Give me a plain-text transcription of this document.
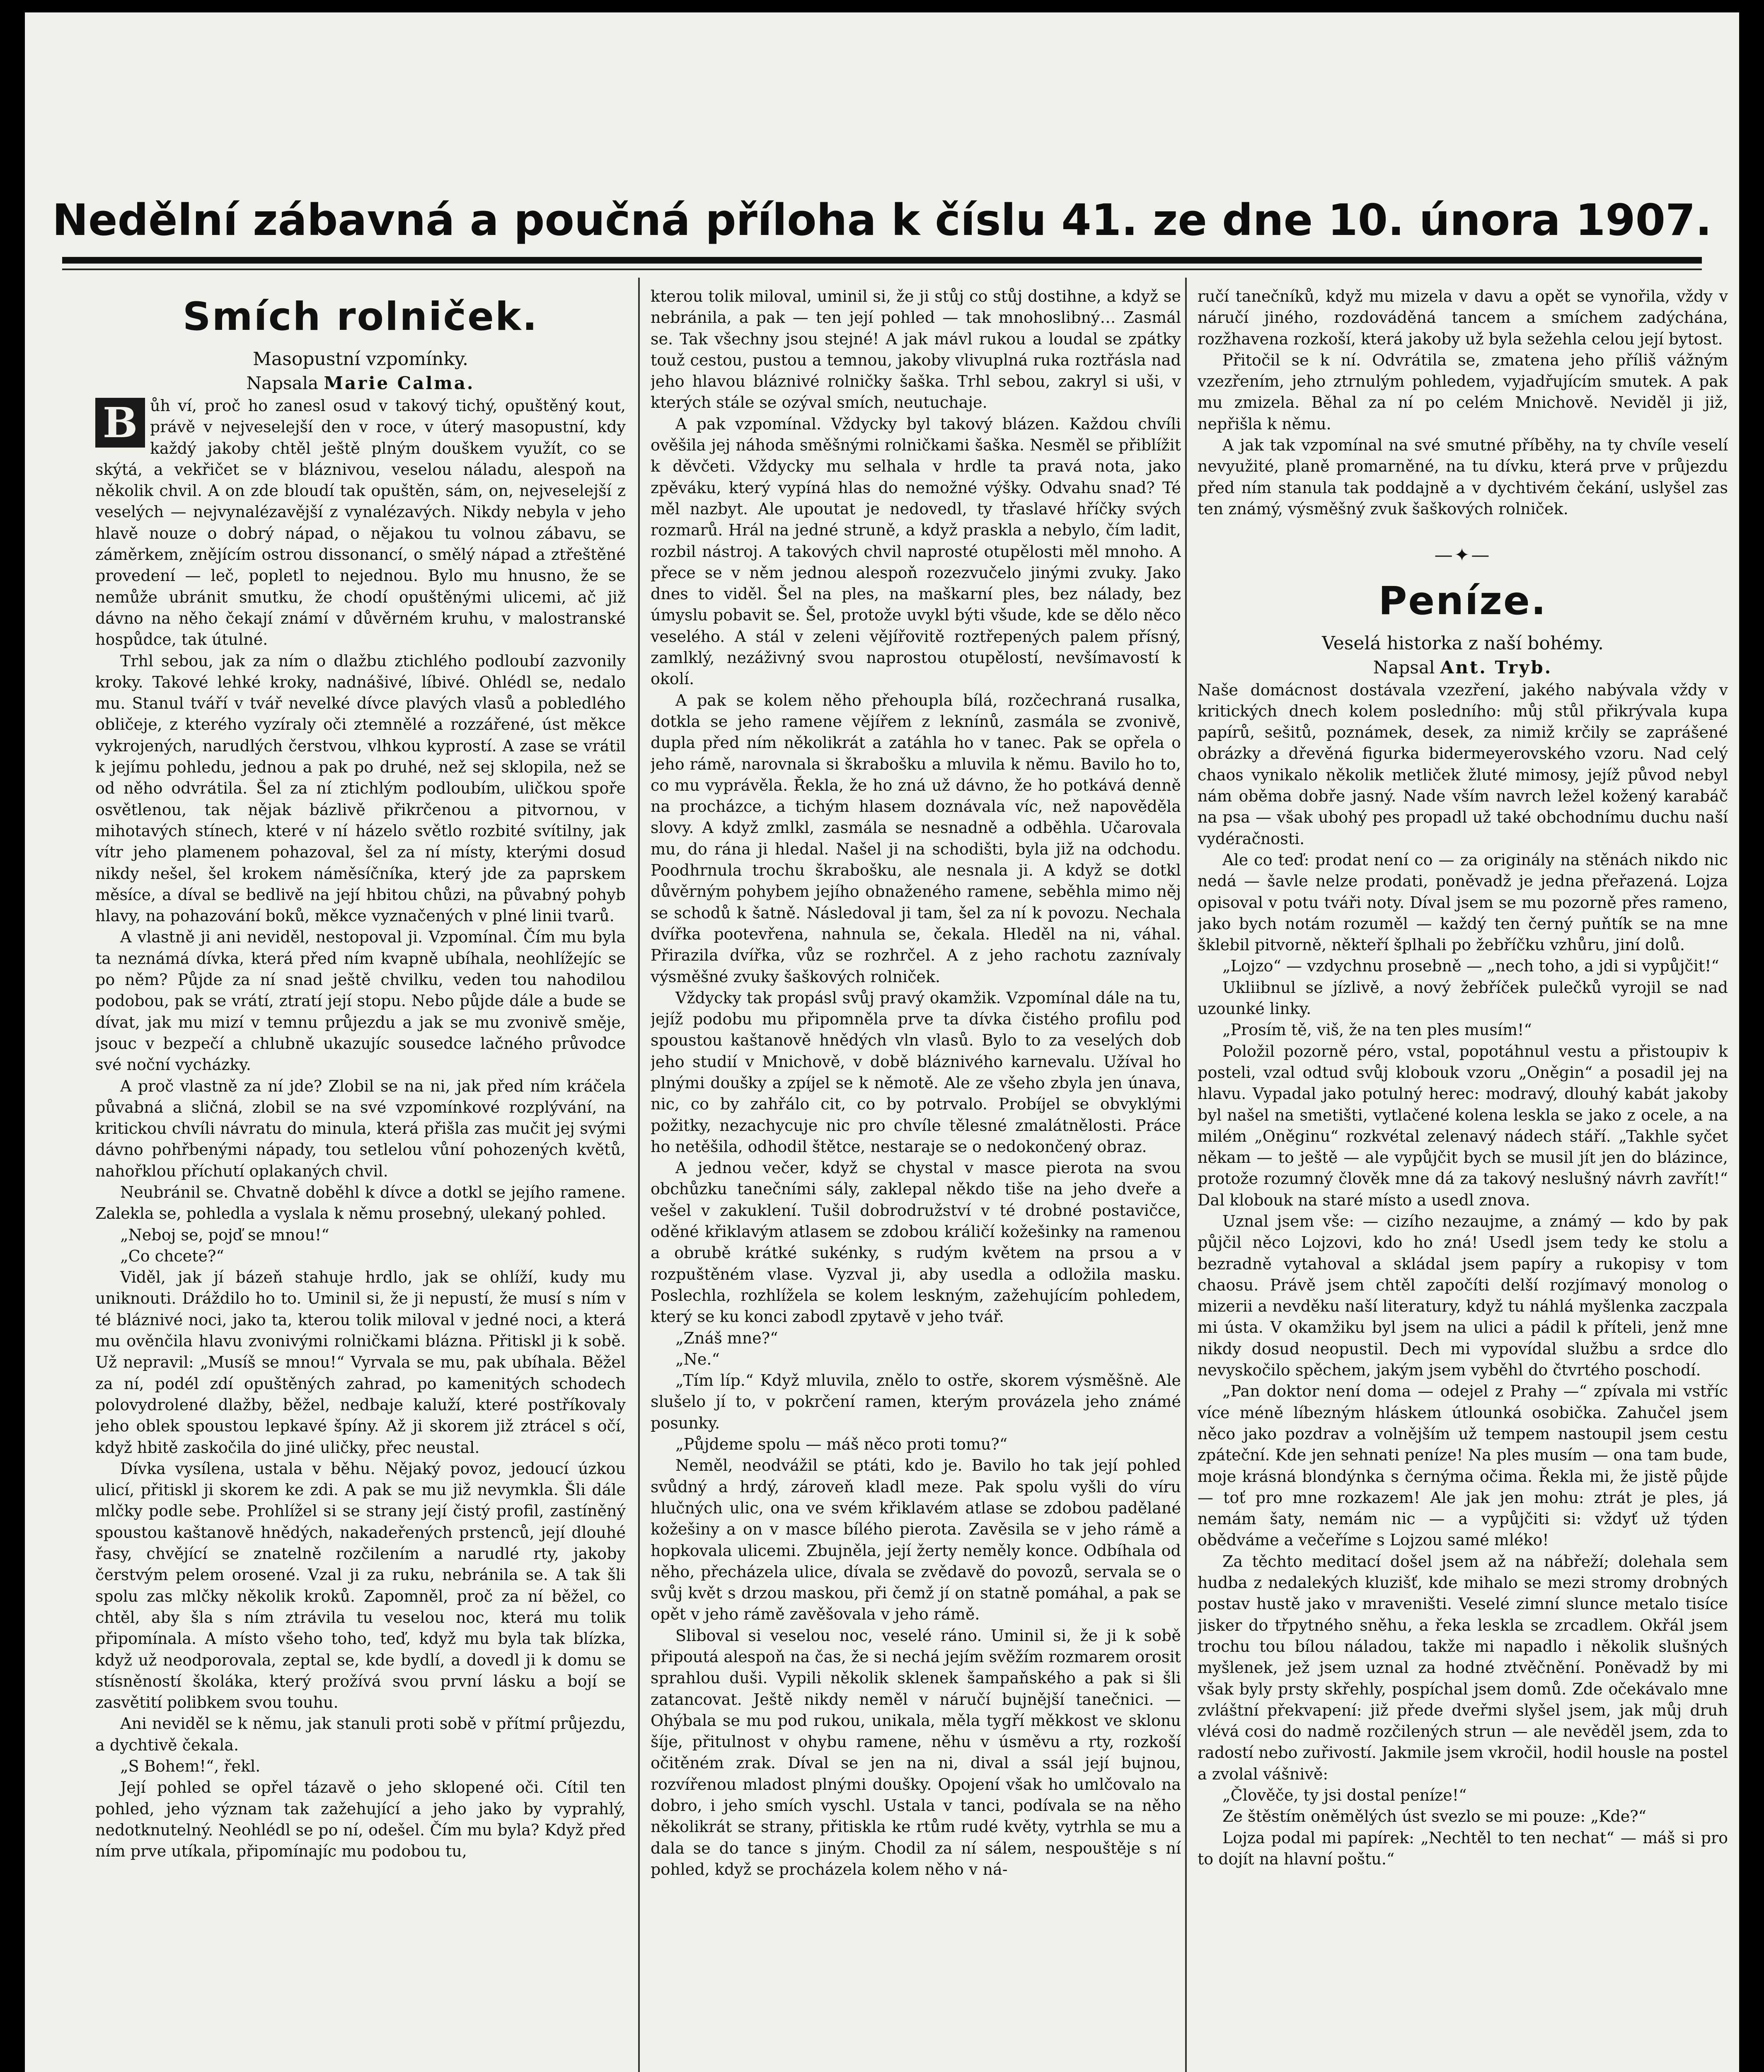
Nedělní zábavná a poučná příloha k číslu 41. ze dne 10. února 1907.
Smích rolniček.

Masopustní vzpomínky.

Napsala Marie Calma.

B ůh ví, proč ho zanesl osud v takový tichý, opuštěný kout, právě v nejveselejší den v roce, v úterý masopustní, kdy každý jakoby chtěl ještě plným douškem využít, co se skýtá, a vekřičet se v bláznivou, veselou náladu, alespoň na několik chvil. A on zde bloudí tak opuštěn, sám, on, nejveselejší z veselých — nejvynalézavější z vynalézavých. Nikdy nebyla v jeho hlavě nouze o dobrý nápad, o nějakou tu volnou zábavu, se záměrkem, znějícím ostrou dissonancí, o smělý nápad a ztřeštěné provedení — leč, popletl to nejednou. Bylo mu hnusno, že se nemůže ubránit smutku, že chodí opuštěnými ulicemi, ač již dávno na něho čekají známí v důvěrném kruhu, v malostranské hospůdce, tak útulné.

Trhl sebou, jak za ním o dlažbu ztichlého podloubí zazvonily kroky. Takové lehké kroky, nadnášivé, líbivé. Ohlédl se, nedalo mu. Stanul tváří v tvář nevelké dívce plavých vlasů a pobledlého obličeje, z kterého vyzíraly oči ztemnělé a rozzářené, úst měkce vykrojených, narudlých čerstvou, vlhkou kyprostí. A zase se vrátil k jejímu pohledu, jednou a pak po druhé, než sej sklopila, než se od něho odvrátila. Šel za ní ztichlým podloubím, uličkou spoře osvětlenou, tak nějak bázlivě přikrčenou a pitvornou, v mihotavých stínech, které v ní házelo světlo rozbité svítilny, jak vítr jeho plamenem pohazoval, šel za ní místy, kterými dosud nikdy nešel, šel krokem náměsíčníka, který jde za paprskem měsíce, a díval se bedlivě na její hbitou chůzi, na půvabný pohyb hlavy, na pohazování boků, měkce vyznačených v plné linii tvarů.

A vlastně ji ani neviděl, nestopoval ji. Vzpomínal. Čím mu byla ta neznámá dívka, která před ním kvapně ubíhala, neohlížejíc se po něm? Půjde za ní snad ještě chvilku, veden tou nahodilou podobou, pak se vrátí, ztratí její stopu. Nebo půjde dále a bude se dívat, jak mu mizí v temnu průjezdu a jak se mu zvonivě směje, jsouc v bezpečí a chlubně ukazujíc sousedce lačného průvodce své noční vycházky.

A proč vlastně za ní jde? Zlobil se na ni, jak před ním kráčela půvabná a sličná, zlobil se na své vzpomínkové rozplývání, na kritickou chvíli návratu do minula, která přišla zas mučit jej svými dávno pohřbenými nápady, tou setlelou vůní pohozených květů, nahořklou příchutí oplakaných chvil.

Neubránil se. Chvatně doběhl k dívce a dotkl se jejího ramene. Zalekla se, pohledla a vyslala k němu prosebný, ulekaný pohled.

„Neboj se, pojď se mnou!“

„Co chcete?“

Viděl, jak jí bázeň stahuje hrdlo, jak se ohlíží, kudy mu uniknouti. Dráždilo ho to. Uminil si, že ji nepustí, že musí s ním v té bláznivé noci, jako ta, kterou tolik miloval v jedné noci, a která mu ověnčila hlavu zvonivými rolničkami blázna. Přitiskl ji k sobě. Už nepravil: „Musíš se mnou!“ Vyrvala se mu, pak ubíhala. Běžel za ní, podél zdí opuštěných zahrad, po kamenitých schodech polovydrolené dlažby, běžel, nedbaje kaluží, které postříkovaly jeho oblek spoustou lepkavé špíny. Až ji skorem již ztrácel s očí, když hbitě zaskočila do jiné uličky, přec neustal.

Dívka vysílena, ustala v běhu. Nějaký povoz, jedoucí úzkou ulicí, přitiskl ji skorem ke zdi. A pak se mu již nevymkla. Šli dále mlčky podle sebe. Prohlížel si se strany její čistý profil, zastíněný spoustou kaštanově hnědých, nakadeřených prstenců, její dlouhé řasy, chvějící se znatelně rozčilením a narudlé rty, jakoby čerstvým pelem orosené. Vzal ji za ruku, nebránila se. A tak šli spolu zas mlčky několik kroků. Zapomněl, proč za ní běžel, co chtěl, aby šla s ním ztrávila tu veselou noc, která mu tolik připomínala. A místo všeho toho, teď, když mu byla tak blízka, když už neodporovala, zeptal se, kde bydlí, a dovedl ji k domu se stísněností školáka, který prožívá svou první lásku a bojí se zasvětití polibkem svou touhu.

Ani neviděl se k němu, jak stanuli proti sobě v přítmí průjezdu, a dychtivě čekala.

„S Bohem!“, řekl.

Její pohled se opřel tázavě o jeho sklopené oči. Cítil ten pohled, jeho význam tak zažehující a jeho jako by vyprahlý, nedotknutelný. Neohlédl se po ní, odešel. Čím mu byla? Když před ním prve utíkala, připomínajíc mu podobou tu,

kterou tolik miloval, uminil si, že ji stůj co stůj dostihne, a když se nebránila, a pak — ten její pohled — tak mnohoslibný… Zasmál se. Tak všechny jsou stejné! A jak mávl rukou a loudal se zpátky touž cestou, pustou a temnou, jakoby vlivuplná ruka roztřásla nad jeho hlavou bláznivé rolničky šaška. Trhl sebou, zakryl si uši, v kterých stále se ozýval smích, neutuchaje.

A pak vzpomínal. Vždycky byl takový blázen. Každou chvíli ověšila jej náhoda směšnými rolničkami šaška. Nesměl se přiblížit k děvčeti. Vždycky mu selhala v hrdle ta pravá nota, jako zpěváku, který vypíná hlas do nemožné výšky. Odvahu snad? Té měl nazbyt. Ale upoutat je nedovedl, ty třaslavé hříčky svých rozmarů. Hrál na jedné struně, a když praskla a nebylo, čím ladit, rozbil nástroj. A takových chvil naprosté otupělosti měl mnoho. A přece se v něm jednou alespoň rozezvučelo jinými zvuky. Jako dnes to viděl. Šel na ples, na maškarní ples, bez nálady, bez úmyslu pobavit se. Šel, protože uvykl býti všude, kde se dělo něco veselého. A stál v zeleni vějířovitě roztřepených palem přísný, zamlklý, nezáživný svou naprostou otupělostí, nevšímavostí k okolí.

A pak se kolem něho přehoupla bílá, rozčechraná rusalka, dotkla se jeho ramene vějířem z leknínů, zasmála se zvonivě, dupla před ním několikrát a zatáhla ho v tanec. Pak se opřela o jeho rámě, narovnala si škrabošku a mluvila k němu. Bavilo ho to, co mu vyprávěla. Řekla, že ho zná už dávno, že ho potkává denně na procházce, a tichým hlasem doznávala víc, než napověděla slovy. A když zmlkl, zasmála se nesnadně a odběhla. Učarovala mu, do rána ji hledal. Našel ji na schodišti, byla již na odchodu. Poodhrnula trochu škrabošku, ale nesnala ji. A když se dotkl důvěrným pohybem jejího obnaženého ramene, seběhla mimo něj se schodů k šatně. Následoval ji tam, šel za ní k povozu. Nechala dvířka pootevřena, nahnula se, čekala. Hleděl na ni, váhal. Přirazila dvířka, vůz se rozhrčel. A z jeho rachotu zaznívaly výsměšné zvuky šaškových rolniček.

Vždycky tak propásl svůj pravý okamžik. Vzpomínal dále na tu, jejíž podobu mu připomněla prve ta dívka čistého profilu pod spoustou kaštanově hnědých vln vlasů. Bylo to za veselých dob jeho studií v Mnichově, v době bláznivého karnevalu. Užíval ho plnými doušky a zpíjel se k němotě. Ale ze všeho zbyla jen únava, nic, co by zahřálo cit, co by potrvalo. Probíjel se obvyklými požitky, nezachycuje nic pro chvíle tělesné zmalátnělosti. Práce ho netěšila, odhodil štětce, nestaraje se o nedokončený obraz.

A jednou večer, když se chystal v masce pierota na svou obchůzku tanečními sály, zaklepal někdo tiše na jeho dveře a vešel v zakuklení. Tušil dobrodružství v té drobné postavičce, oděné křiklavým atlasem se zdobou králičí kožešinky na ramenou a obrubě krátké sukénky, s rudým květem na prsou a v rozpuštěném vlase. Vyzval ji, aby usedla a odložila masku. Poslechla, rozhlížela se kolem leskným, zažehujícím pohledem, který se ku konci zabodl zpytavě v jeho tvář.

„Znáš mne?“

„Ne.“

„Tím líp.“ Když mluvila, znělo to ostře, skorem výsměšně. Ale slušelo jí to, v pokrčení ramen, kterým provázela jeho známé posunky.

„Půjdeme spolu — máš něco proti tomu?“

Neměl, neodvážil se ptáti, kdo je. Bavilo ho tak její pohled svůdný a hrdý, zároveň kladl meze. Pak spolu vyšli do víru hlučných ulic, ona ve svém křiklavém atlase se zdobou padělané kožešiny a on v masce bílého pierota. Zavěsila se v jeho rámě a hopkovala ulicemi. Zbujněla, její žerty neměly konce. Odbíhala od něho, přecházela ulice, dívala se zvědavě do povozů, servala se o svůj květ s drzou maskou, při čemž jí on statně pomáhal, a pak se opět v jeho rámě zavěšovala v jeho rámě.

Sliboval si veselou noc, veselé ráno. Uminil si, že ji k sobě připoutá alespoň na čas, že si nechá jejím svěžím rozmarem orosit sprahlou duši. Vypili několik sklenek šampaňského a pak si šli zatancovat. Ještě nikdy neměl v náručí bujnější tanečnici. — Ohýbala se mu pod rukou, unikala, měla tygří měkkost ve sklonu šíje, přitulnost v ohybu ramene, něhu v úsměvu a rty, rozkoší očitěném zrak. Díval se jen na ni, dival a ssál její bujnou, rozvířenou mladost plnými doušky. Opojení však ho umlčovalo na dobro, i jeho smích vyschl. Ustala v tanci, podívala se na něho několikrát se strany, přitiskla ke rtům rudé květy, vytrhla se mu a dala se do tance s jiným. Chodil za ní sálem, nespouštěje s ní pohled, když se procházela kolem něho v ná-

ručí tanečníků, když mu mizela v davu a opět se vynořila, vždy v náručí jiného, rozdováděná tancem a smíchem zadýchána, rozžhavena rozkoší, která jakoby už byla sežehla celou její bytost.

Přitočil se k ní. Odvrátila se, zmatena jeho příliš vážným vzezřením, jeho ztrnulým pohledem, vyjadřujícím smutek. A pak mu zmizela. Běhal za ní po celém Mnichově. Neviděl ji již, nepřišla k němu.

A jak tak vzpomínal na své smutné příběhy, na ty chvíle veselí nevyužité, planě promarněné, na tu dívku, která prve v průjezdu před ním stanula tak poddajně a v dychtivém čekání, uslyšel zas ten známý, výsměšný zvuk šaškových rolniček.

—✦—
Peníze.

Veselá historka z naší bohémy.

Napsal Ant. Tryb.

Naše domácnost dostávala vzezření, jakého nabývala vždy v kritických dnech kolem posledního: můj stůl přikrývala kupa papírů, sešitů, poznámek, desek, za nimiž krčily se zaprášené obrázky a dřevěná figurka bidermeyerovského vzoru. Nad celý chaos vynikalo několik metliček žluté mimosy, jejíž původ nebyl nám oběma dobře jasný. Nade vším navrch ležel kožený karabáč na psa — však ubohý pes propadl už také obchodnímu duchu naší vydéračnosti.

Ale co teď: prodat není co — za originály na stěnách nikdo nic nedá — šavle nelze prodati, poněvadž je jedna přeřazená. Lojza opisoval v potu tváři noty. Díval jsem se mu pozorně přes rameno, jako bych notám rozuměl — každý ten černý puňtík se na mne šklebil pitvorně, někteří šplhali po žebříčku vzhůru, jiní dolů.

„Lojzo“ — vzdychnu prosebně — „nech toho, a jdi si vypůjčit!“

Ukliibnul se jízlivě, a nový žebříček pulečků vyrojil se nad uzounké linky.

„Prosím tě, viš, že na ten ples musím!“

Položil pozorně péro, vstal, popotáhnul vestu a přistoupiv k posteli, vzal odtud svůj klobouk vzoru „Oněgin“ a posadil jej na hlavu. Vypadal jako potulný herec: modravý, dlouhý kabát jakoby byl našel na smetišti, vytlačené kolena leskla se jako z ocele, a na milém „Oněginu“ rozkvétal zelenavý nádech stáří. „Takhle syčet někam — to ještě — ale vypůjčit bych se musil jít jen do blázince, protože rozumný člověk mne dá za takový neslušný návrh zavřít!“ Dal klobouk na staré místo a usedl znova.

Uznal jsem vše: — cizího nezaujme, a známý — kdo by pak půjčil něco Lojzovi, kdo ho zná! Usedl jsem tedy ke stolu a bezradně vytahoval a skládal jsem papíry a rukopisy v tom chaosu. Právě jsem chtěl započíti delší rozjímavý monolog o mizerii a nevděku naší literatury, když tu náhlá myšlenka zaczpala mi ústa. V okamžiku byl jsem na ulici a pádil k příteli, jenž mne nikdy dosud neopustil. Dech mi vypovídal službu a srdce dlo nevyskočilo spěchem, jakým jsem vyběhl do čtvrtého poschodí.

„Pan doktor není doma — odejel z Prahy —“ zpívala mi vstříc více méně líbezným hláskem útlounká osobička. Zahučel jsem něco jako pozdrav a volnějším už tempem nastoupil jsem cestu zpáteční. Kde jen sehnati peníze! Na ples musím — ona tam bude, moje krásná blondýnka s černýma očima. Řekla mi, že jistě půjde — toť pro mne rozkazem! Ale jak jen mohu: ztrát je ples, já nemám šaty, nemám nic — a vypůjčiti si: vždyť už týden obědváme a večeříme s Lojzou samé mléko!

Za těchto meditací došel jsem až na nábřeží; dolehala sem hudba z nedalekých kluzišť, kde mihalo se mezi stromy drobných postav hustě jako v mraveništi. Veselé zimní slunce metalo tisíce jisker do třpytného sněhu, a řeka leskla se zrcadlem. Okřál jsem trochu tou bílou náladou, takže mi napadlo i několik slušných myšlenek, jež jsem uznal za hodné ztvěčnění. Poněvadž by mi však byly prsty skřehly, pospíchal jsem domů. Zde očekávalo mne zvláštní překvapení: již přede dveřmi slyšel jsem, jak můj druh vlévá cosi do nadmě rozčilených strun — ale nevěděl jsem, zda to radostí nebo zuřivostí. Jakmile jsem vkročil, hodil housle na postel a zvolal vášnivě:

„Člověče, ty jsi dostal peníze!“

Ze štěstím oněmělých úst svezlo se mi pouze: „Kde?“

Lojza podal mi papírek: „Nechtěl to ten nechat“ — máš si pro to dojít na hlavní poštu.“
